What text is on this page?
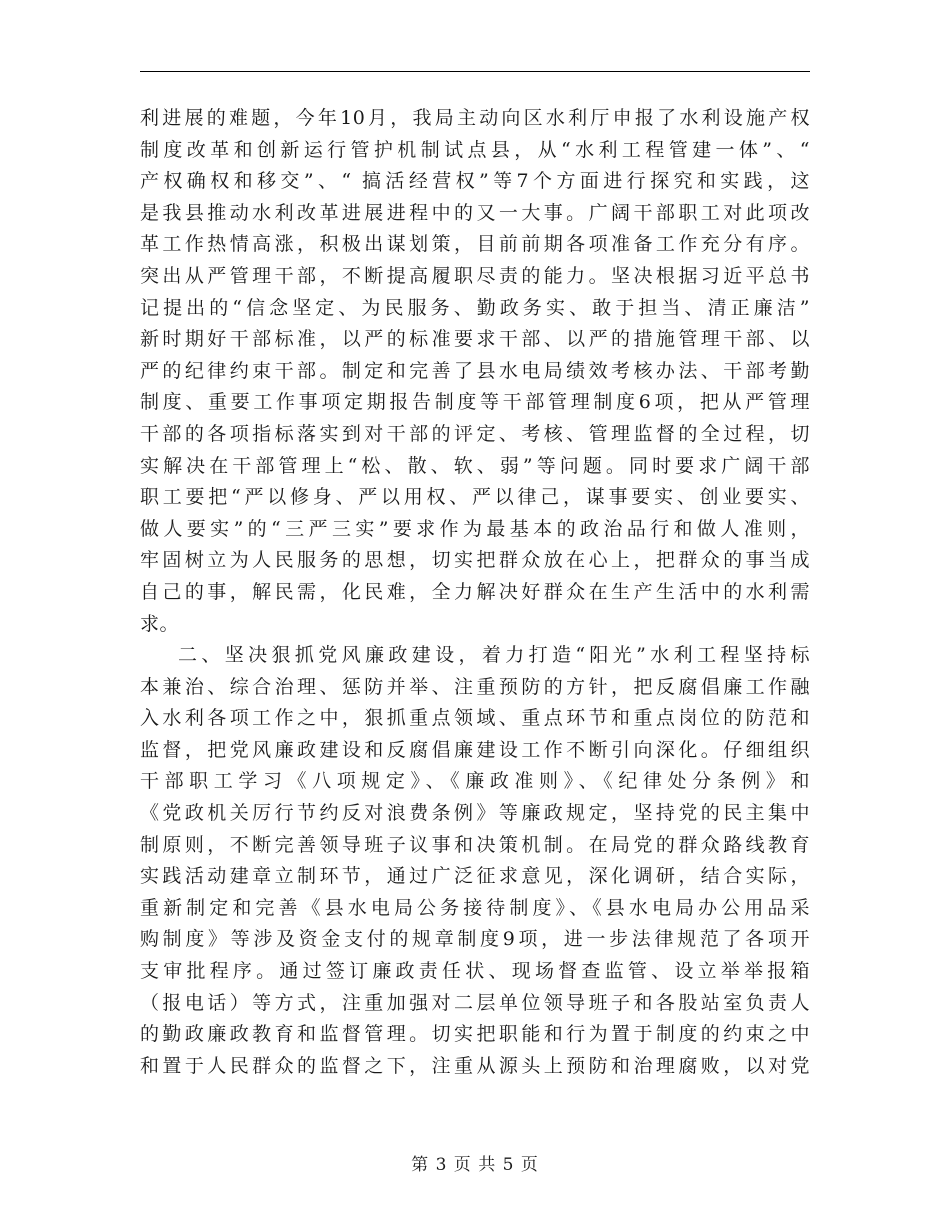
利进展的难题，今年10月，我局主动向区水利厅申报了水利设施产权
制度改革和创新运行管护机制试点县，从“水利工程管建一体”、“
产权确权和移交”、“ 搞活经营权”等7个方面进行探究和实践，这
是我县推动水利改革进展进程中的又一大事。广阔干部职工对此项改
革工作热情高涨，积极出谋划策，目前前期各项准备工作充分有序。
突出从严管理干部，不断提高履职尽责的能力。坚决根据习近平总书
记提出的“信念坚定、为民服务、勤政务实、敢于担当、清正廉洁”
新时期好干部标准，以严的标准要求干部、以严的措施管理干部、以
严的纪律约束干部。制定和完善了县水电局绩效考核办法、干部考勤
制度、重要工作事项定期报告制度等干部管理制度6项，把从严管理
干部的各项指标落实到对干部的评定、考核、管理监督的全过程，切
实解决在干部管理上“松、散、软、弱”等问题。同时要求广阔干部
职工要把“严以修身、严以用权、严以律己，谋事要实、创业要实、
做人要实”的“三严三实”要求作为最基本的政治品行和做人准则，
牢固树立为人民服务的思想，切实把群众放在心上，把群众的事当成
自己的事，解民需，化民难，全力解决好群众在生产生活中的水利需
求。
二、坚决狠抓党风廉政建设，着力打造“阳光”水利工程坚持标
本兼治、综合治理、惩防并举、注重预防的方针，把反腐倡廉工作融
入水利各项工作之中，狠抓重点领域、重点环节和重点岗位的防范和
监督，把党风廉政建设和反腐倡廉建设工作不断引向深化。仔细组织
干部职工学习《八项规定》、《廉政准则》、《纪律处分条例》和
《党政机关厉行节约反对浪费条例》等廉政规定，坚持党的民主集中
制原则，不断完善领导班子议事和决策机制。在局党的群众路线教育
实践活动建章立制环节，通过广泛征求意见，深化调研，结合实际，
重新制定和完善《县水电局公务接待制度》、《县水电局办公用品采
购制度》等涉及资金支付的规章制度9项，进一步法律规范了各项开
支审批程序。通过签订廉政责任状、现场督查监管、设立举举报箱
（报电话）等方式，注重加强对二层单位领导班子和各股站室负责人
的勤政廉政教育和监督管理。切实把职能和行为置于制度的约束之中
和置于人民群众的监督之下，注重从源头上预防和治理腐败，以对党
第 3 页 共 5 页
